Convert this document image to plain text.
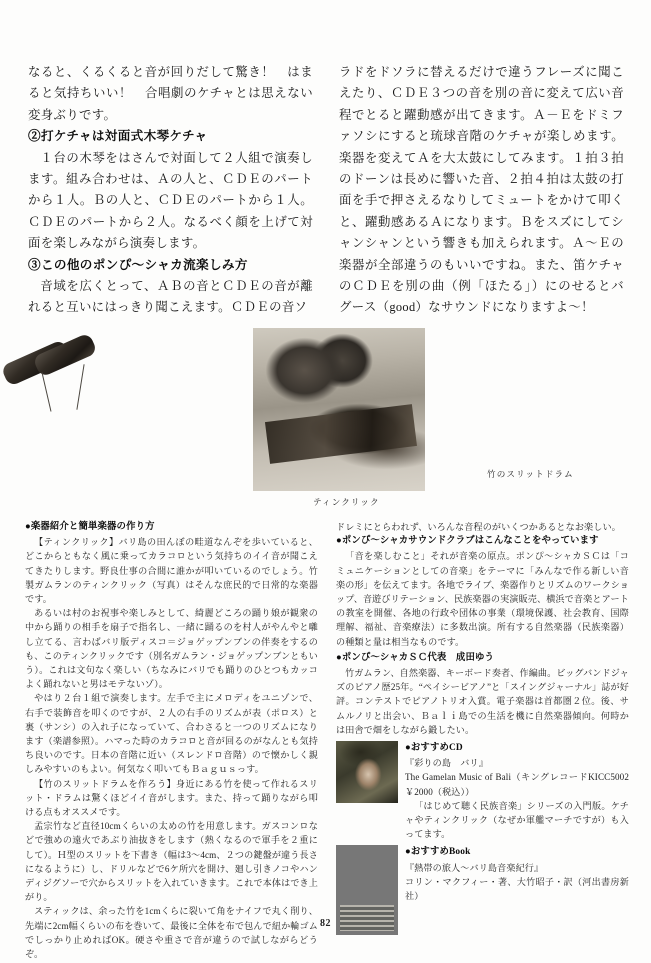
なると、くるくると音が回りだして驚き！　はまると気持ちいい！　合唱劇のケチャとは思えない変身ぶりです。

②打ケチャは対面式木琴ケチャ

１台の木琴をはさんで対面して２人組で演奏します。組み合わせは、Ａの人と、ＣＤＥのパートから１人。Ｂの人と、ＣＤＥのパートから１人。ＣＤＥのパートから２人。なるべく顔を上げて対面を楽しみながら演奏します。

③この他のポンぴ～シャカ流楽しみ方

音域を広くとって、ＡＢの音とＣＤＥの音が離れると互いにはっきり聞こえます。ＣＤＥの音ソ

ラドをドソラに替えるだけで違うフレーズに聞こえたり、ＣＤＥ３つの音を別の音に変えて広い音程でとると躍動感が出てきます。Ａ－Ｅをドミファソシにすると琉球音階のケチャが楽しめます。楽器を変えてＡを大太鼓にしてみます。１拍３拍のドーンは長めに響いた音、２拍４拍は太鼓の打面を手で押さえるなりしてミュートをかけて叩くと、躍動感あるＡになります。Ｂをスズにしてシャンシャンという響きも加えられます。Ａ～Ｅの楽器が全部違うのもいいですね。また、笛ケチャのＣＤＥを別の曲（例「ほたる」）にのせるとバグース（good）なサウンドになりますよ～！

ティンクリック
竹のスリットドラム

●楽器紹介と簡単楽器の作り方

【ティンクリック】バリ島の田んぼの畦道なんぞを歩いていると、どこからともなく風に乗ってカラコロという気持ちのイイ音が聞こえてきたりします。野良仕事の合間に誰かが叩いているのでしょう。竹製ガムランのティンクリック（写真）はそんな庶民的で日常的な楽器です。

あるいは村のお祝事や楽しみとして、綺麗どころの踊り娘が観衆の中から踊りの相手を扇子で指名し、一緒に踊るのを村人がやんやと囃し立てる、言わばバリ版ディスコ＝ジョゲップンブンの伴奏をするのも、このティンクリックです（別名ガムラン・ジョゲップンブンともいう）。これは文句なく楽しい（ちなみにバリでも踊りのひとつもカッコよく踊れないと男はモテないゾ）。

やはり２台１組で演奏します。左手で主にメロディをユニゾンで、右手で装飾音を叩くのですが、２人の右手のリズムが表（ポロス）と裏（サンシ）の入れ子になっていて、合わさると一つのリズムになります（楽譜参照）。ハマった時のカラコロと音が回るのがなんとも気持ち良いのです。日本の音階に近い（スレンドロ音階）ので懐かしく親しみやすいのもよい。何気なく叩いてもＢａｇｕｓっす。

【竹のスリットドラムを作ろう】身近にある竹を使って作れるスリット・ドラムは驚くほどイイ音がします。また、持って踊りながら叩ける点もオススメです。

孟宗竹など直径10cmくらいの太めの竹を用意します。ガスコンロなどで強めの遠火であぶり油抜きをします（熱くなるので軍手を２重にして）。Ｈ型のスリットを下書き（幅は3～4cm、２つの鍵盤が違う長さになるように）し、ドリルなどで6ケ所穴を開け、廻し引きノコやハンディジグソーで穴からスリットを入れていきます。これで本体はでき上がり。

スティックは、余った竹を1cmくらに裂いて角をナイフで丸く削り、先端に2cm幅くらいの布を巻いて、最後に全体を布で包んで紐か輪ゴムでしっかり止めればOK。硬さや重さで音が違うので試しながらどうぞ。

ドレミにとらわれず、いろんな音程のがいくつかあるとなお楽しい。

●ポンぴ～シャカサウンドクラブはこんなことをやっています

「音を楽しむこと」それが音楽の原点。ポンぴ～シャカＳＣは「コミュニケーションとしての音楽」をテーマに「みんなで作る新しい音楽の形」を伝えてます。各地でライブ、楽器作りとリズムのワークショップ、音遊びリテーション、民族楽器の実演販売、横浜で音楽とアートの教室を開催、各地の行政や団体の事業（環境保護、社会教育、国際理解、福祉、音楽療法）に多数出演。所有する自然楽器（民族楽器）の種類と量は相当なものです。

●ポンぴ～シャカＳＣ代表　成田ゆう

竹ガムラン、自然楽器、キーボード奏者、作編曲。ビッグバンドジャズのピアノ歴25年。“ペイシービアノ”と「スイングジャーナル」誌が好評。コンテストでピアノトリオ入賞。電子楽器は首都圏２位。後、サムルノリと出会い、Ｂａｌｉ島での生活を機に自然楽器傾向。何時かは田舎で畑をしながら鍛したい。

●おすすめCD

『彩りの島　バリ』

The Gamelan Music of Bali（キングレコードKICC5002　￥2000（税込））

「はじめて聴く民族音楽」シリーズの入門版。ケチャやティンクリック（なぜか軍艦マーチですが）も入ってます。

●おすすめBook

『熱帯の旅人～バリ島音楽紀行』

コリン・マクフィー・著、大竹昭子・訳（河出書房新社）

82
